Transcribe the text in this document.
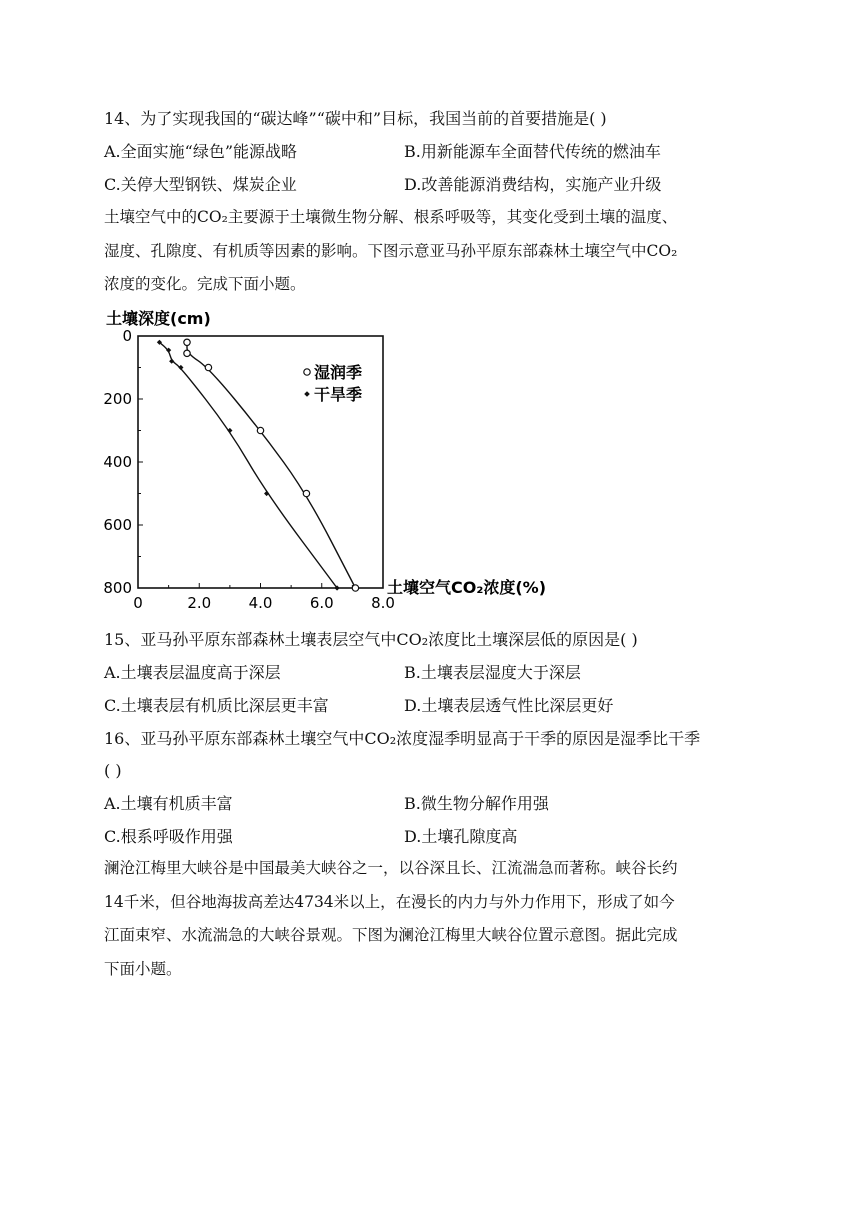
14、为了实现我国的“碳达峰”“碳中和”目标，我国当前的首要措施是( )
A.全面实施“绿色”能源战略	B.用新能源车全面替代传统的燃油车
C.关停大型钢铁、煤炭企业	D.改善能源消费结构，实施产业升级
土壤空气中的CO₂主要源于土壤微生物分解、根系呼吸等，其变化受到土壤的温度、
湿度、孔隙度、有机质等因素的影响。下图示意亚马孙平原东部森林土壤空气中CO₂
浓度的变化。完成下面小题。
土壤深度(cm)
0	2.0 4.0 6.0 8.0
0
200
400
600
800
湿润季
干旱季
土壤空气CO₂浓度(%)
15、亚马孙平原东部森林土壤表层空气中CO₂浓度比土壤深层低的原因是( )
A.土壤表层温度高于深层	B.土壤表层湿度大于深层
C.土壤表层有机质比深层更丰富	D.土壤表层透气性比深层更好
16、亚马孙平原东部森林土壤空气中CO₂浓度湿季明显高于干季的原因是湿季比干季
( )
A.土壤有机质丰富	B.微生物分解作用强
C.根系呼吸作用强	D.土壤孔隙度高
澜沧江梅里大峡谷是中国最美大峡谷之一，以谷深且长、江流湍急而著称。峡谷长约
14千米，但谷地海拔高差达4734米以上，在漫长的内力与外力作用下，形成了如今
江面束窄、水流湍急的大峡谷景观。下图为澜沧江梅里大峡谷位置示意图。据此完成
下面小题。
